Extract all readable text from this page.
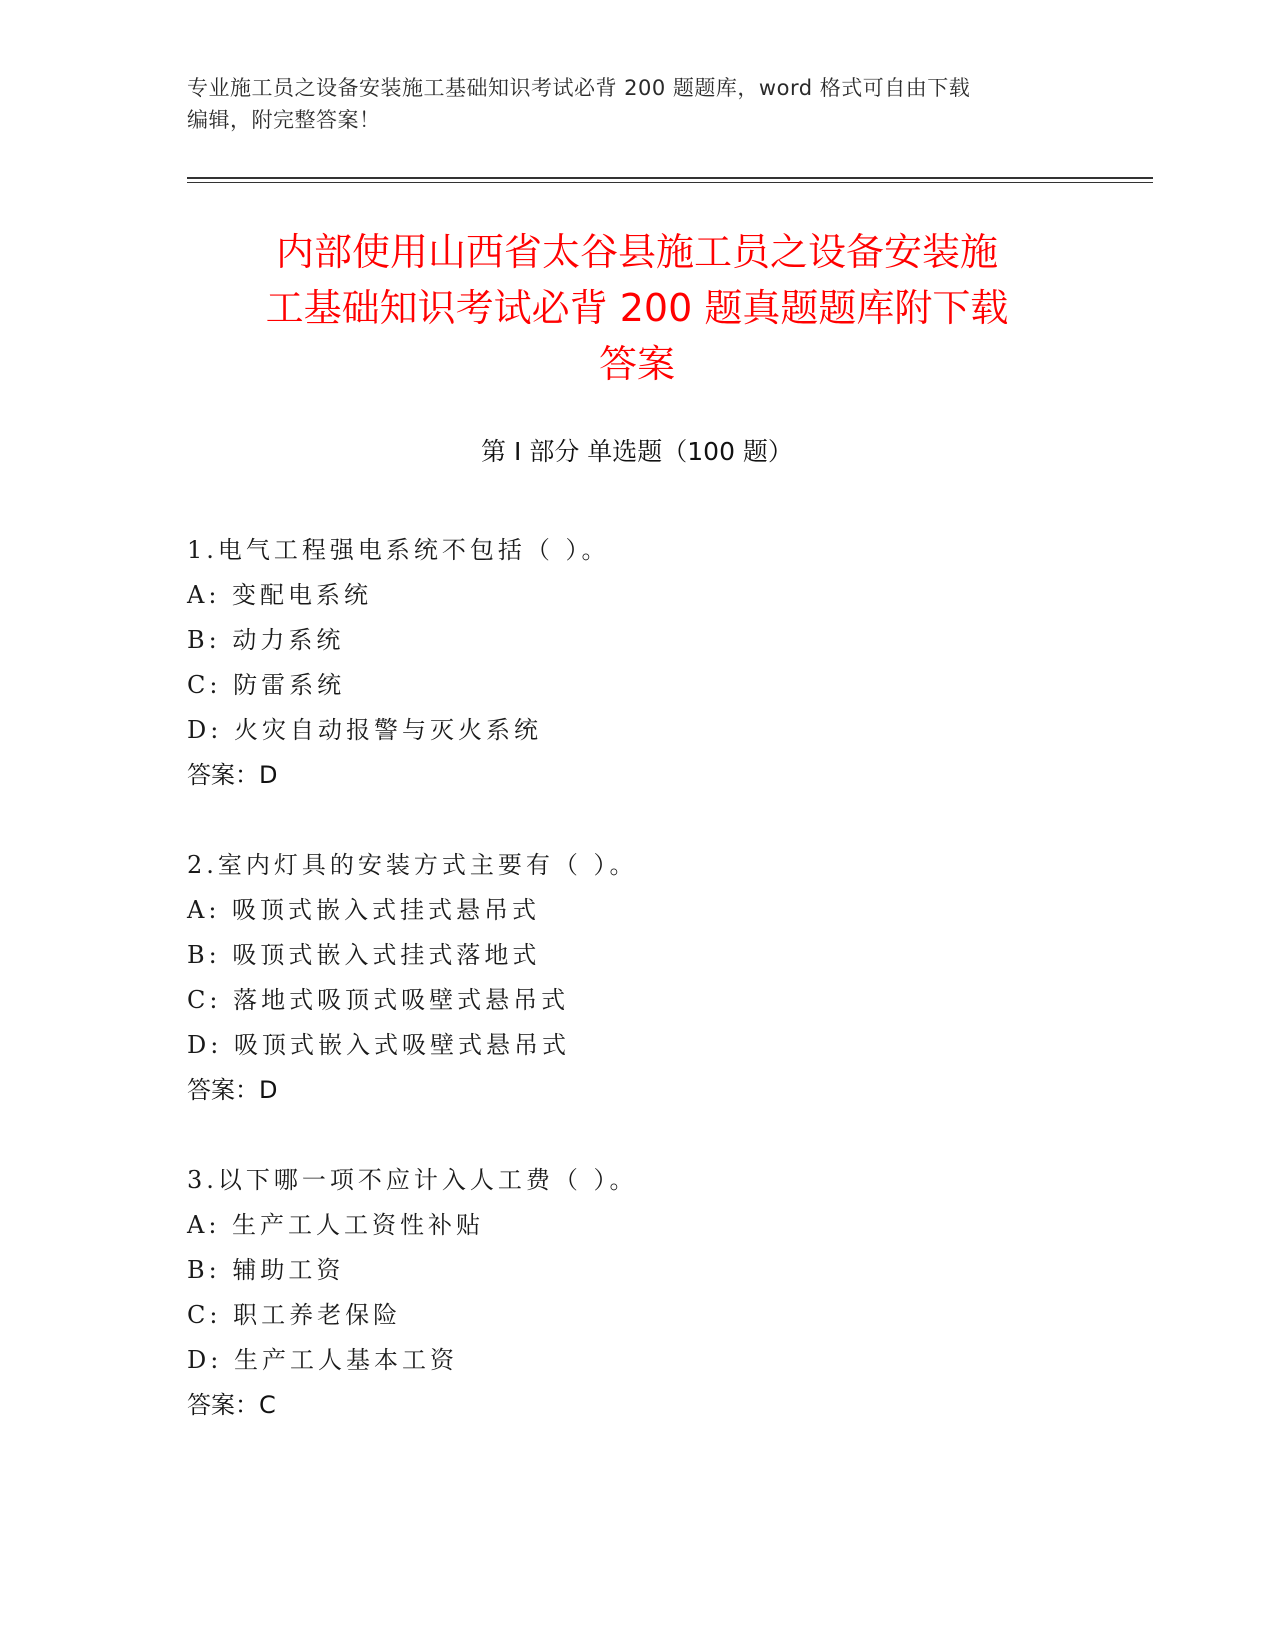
专业施工员之设备安装施工基础知识考试必背 200 题题库，word 格式可自由下载
编辑，附完整答案！
内部使用山西省太谷县施工员之设备安装施
工基础知识考试必背 200 题真题题库附下载
答案
第 I 部分 单选题（100 题）
1.电气工程强电系统不包括（ ）。
A: 变配电系统
B: 动力系统
C: 防雷系统
D: 火灾自动报警与灭火系统
答案：D
2.室内灯具的安装方式主要有（ ）。
A: 吸顶式嵌入式挂式悬吊式
B: 吸顶式嵌入式挂式落地式
C: 落地式吸顶式吸壁式悬吊式
D: 吸顶式嵌入式吸壁式悬吊式
答案：D
3.以下哪一项不应计入人工费（ ）。
A: 生产工人工资性补贴
B: 辅助工资
C: 职工养老保险
D: 生产工人基本工资
答案：C
